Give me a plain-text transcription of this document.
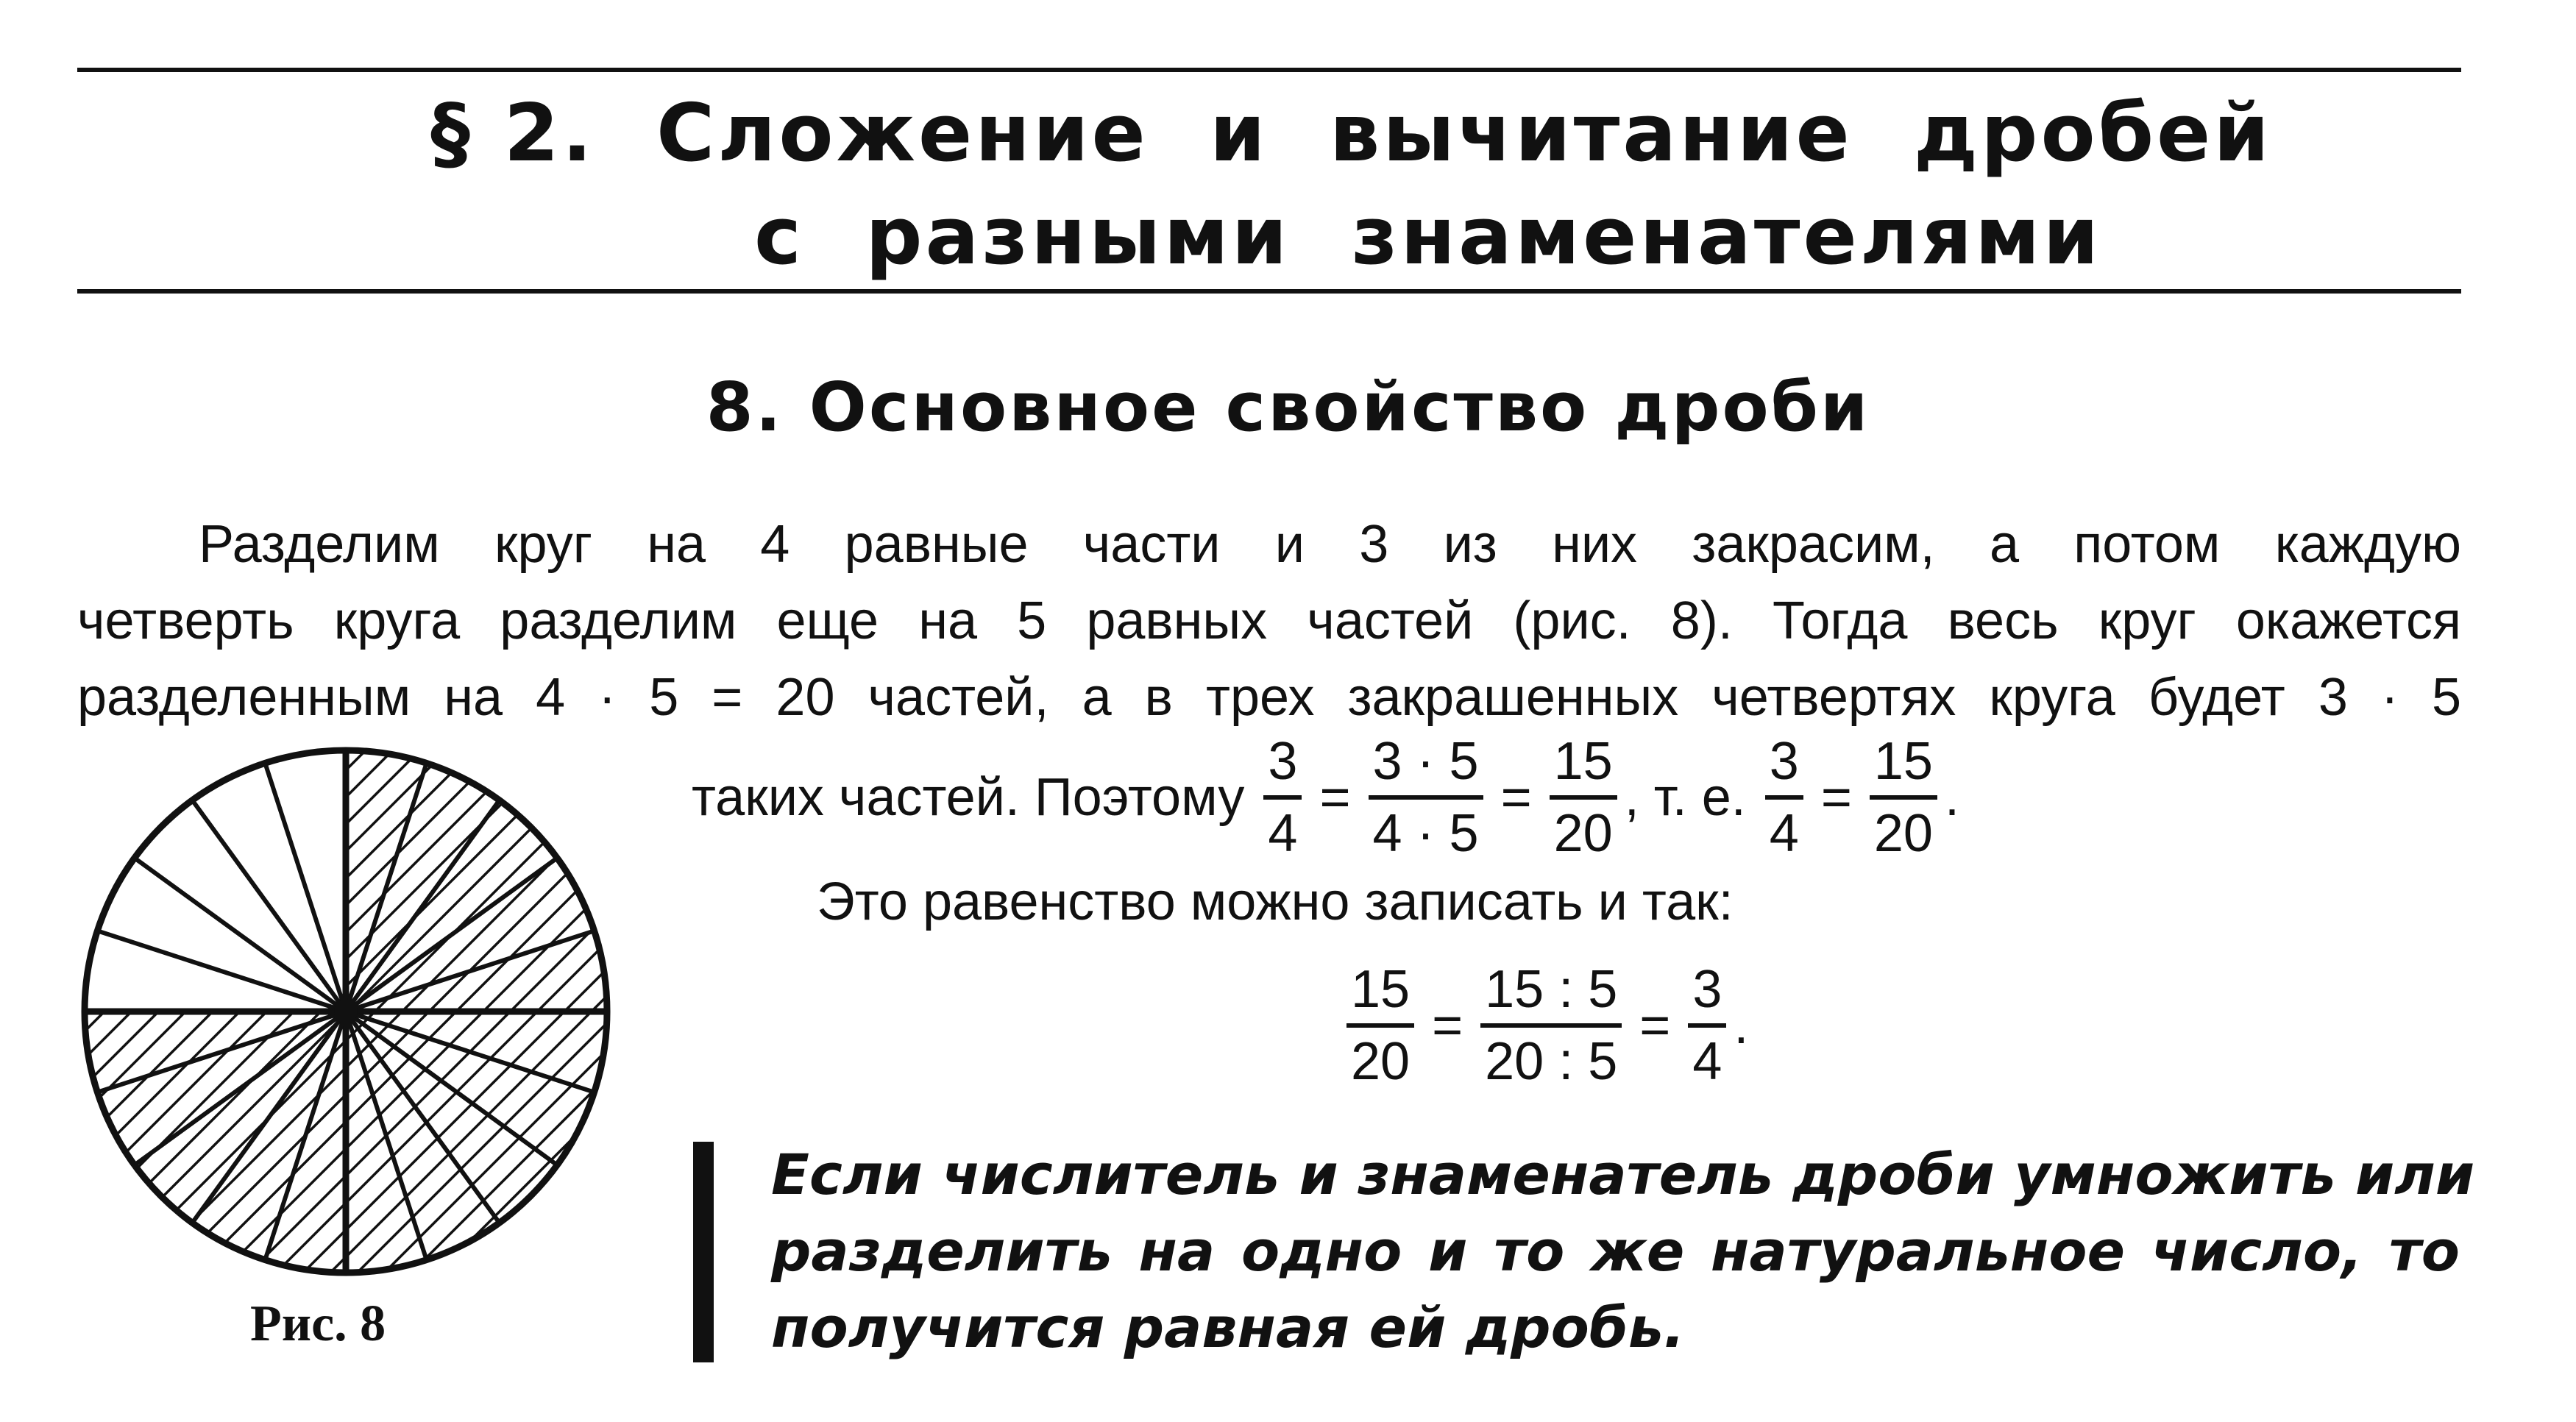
§ 2.  Сложение  и  вычитание  дробей
с  разными  знаменателями
8. Основное свойство дроби
Разделим круг на 4 равные части и 3 из них закрасим, а потом каждую
четверть круга разделим еще на 5 равных частей (рис. 8). Тогда весь круг окажется
разделенным на 4 · 5 = 20 частей, а в трех закрашенных четвертях круга будет 3 · 5
Рис. 8
таких частей. Поэтому $\frac{3}{4} = \frac{3 \cdot 5}{4 \cdot 5} = \frac{15}{20}$ , т. е. $\frac{3}{4} = \frac{15}{20}$ .
Это равенство можно записать и так:
$\frac{15}{20} = \frac{15 : 5}{20 : 5} = \frac{3}{4}$ .
Если числитель и знаменатель дроби умножить или
разделить на одно и то же натуральное число, то
получится равная ей дробь.
